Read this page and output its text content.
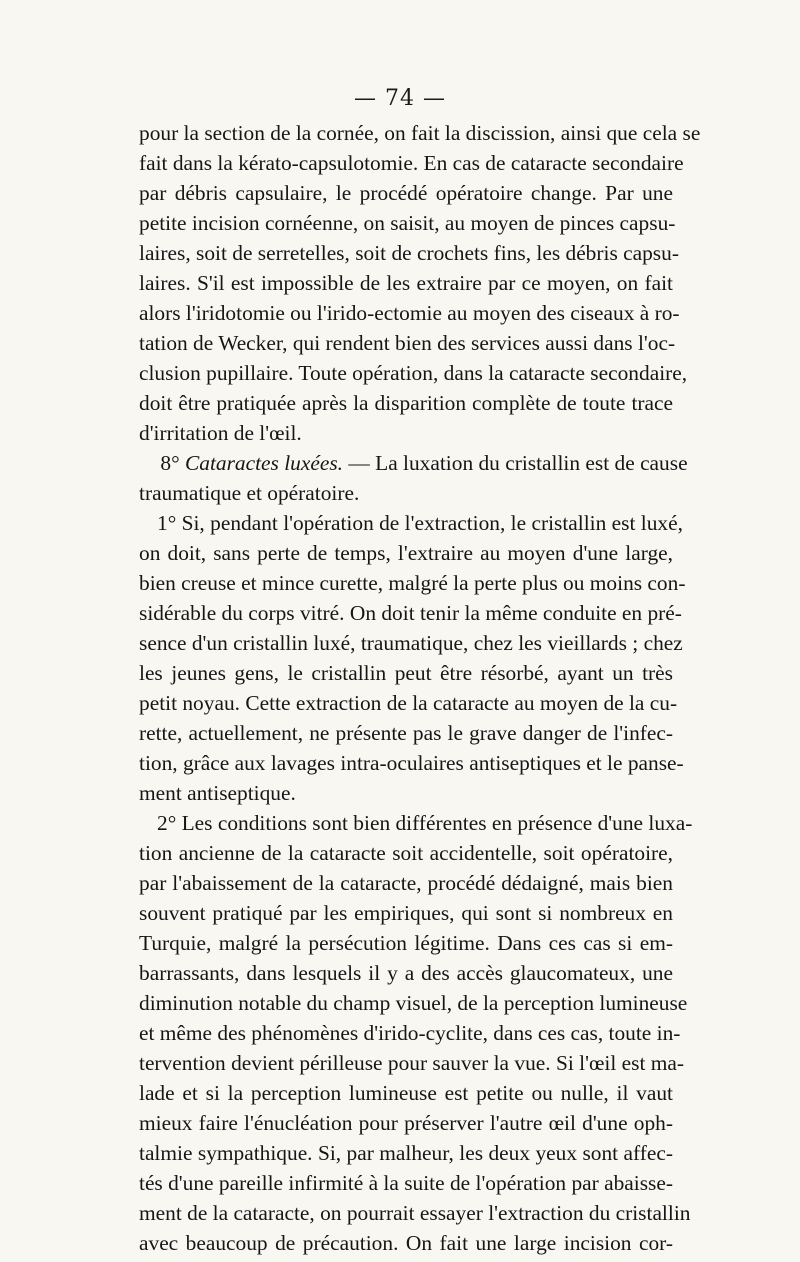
— 74 —
pour la section de la cornée, on fait la discission, ainsi que cela se
fait dans la kérato-capsulotomie. En cas de cataracte secondaire
par débris capsulaire, le procédé opératoire change. Par une
petite incision cornéenne, on saisit, au moyen de pinces capsu-
laires, soit de serretelles, soit de crochets fins, les débris capsu-
laires. S'il est impossible de les extraire par ce moyen, on fait
alors l'iridotomie ou l'irido-ectomie au moyen des ciseaux à ro-
tation de Wecker, qui rendent bien des services aussi dans l'oc-
clusion pupillaire. Toute opération, dans la cataracte secondaire,
doit être pratiquée après la disparition complète de toute trace
d'irritation de l'œil.
 8° Cataractes luxées. — La luxation du cristallin est de cause
traumatique et opératoire.
1° Si, pendant l'opération de l'extraction, le cristallin est luxé,
on doit, sans perte de temps, l'extraire au moyen d'une large,
bien creuse et mince curette, malgré la perte plus ou moins con-
sidérable du corps vitré. On doit tenir la même conduite en pré-
sence d'un cristallin luxé, traumatique, chez les vieillards ; chez
les jeunes gens, le cristallin peut être résorbé, ayant un très
petit noyau. Cette extraction de la cataracte au moyen de la cu-
rette, actuellement, ne présente pas le grave danger de l'infec-
tion, grâce aux lavages intra-oculaires antiseptiques et le panse-
ment antiseptique.
2° Les conditions sont bien différentes en présence d'une luxa-
tion ancienne de la cataracte soit accidentelle, soit opératoire,
par l'abaissement de la cataracte, procédé dédaigné, mais bien
souvent pratiqué par les empiriques, qui sont si nombreux en
Turquie, malgré la persécution légitime. Dans ces cas si em-
barrassants, dans lesquels il y a des accès glaucomateux, une
diminution notable du champ visuel, de la perception lumineuse
et même des phénomènes d'irido-cyclite, dans ces cas, toute in-
tervention devient périlleuse pour sauver la vue. Si l'œil est ma-
lade et si la perception lumineuse est petite ou nulle, il vaut
mieux faire l'énucléation pour préserver l'autre œil d'une oph-
talmie sympathique. Si, par malheur, les deux yeux sont affec-
tés d'une pareille infirmité à la suite de l'opération par abaisse-
ment de la cataracte, on pourrait essayer l'extraction du cristallin
avec beaucoup de précaution. On fait une large incision cor-
